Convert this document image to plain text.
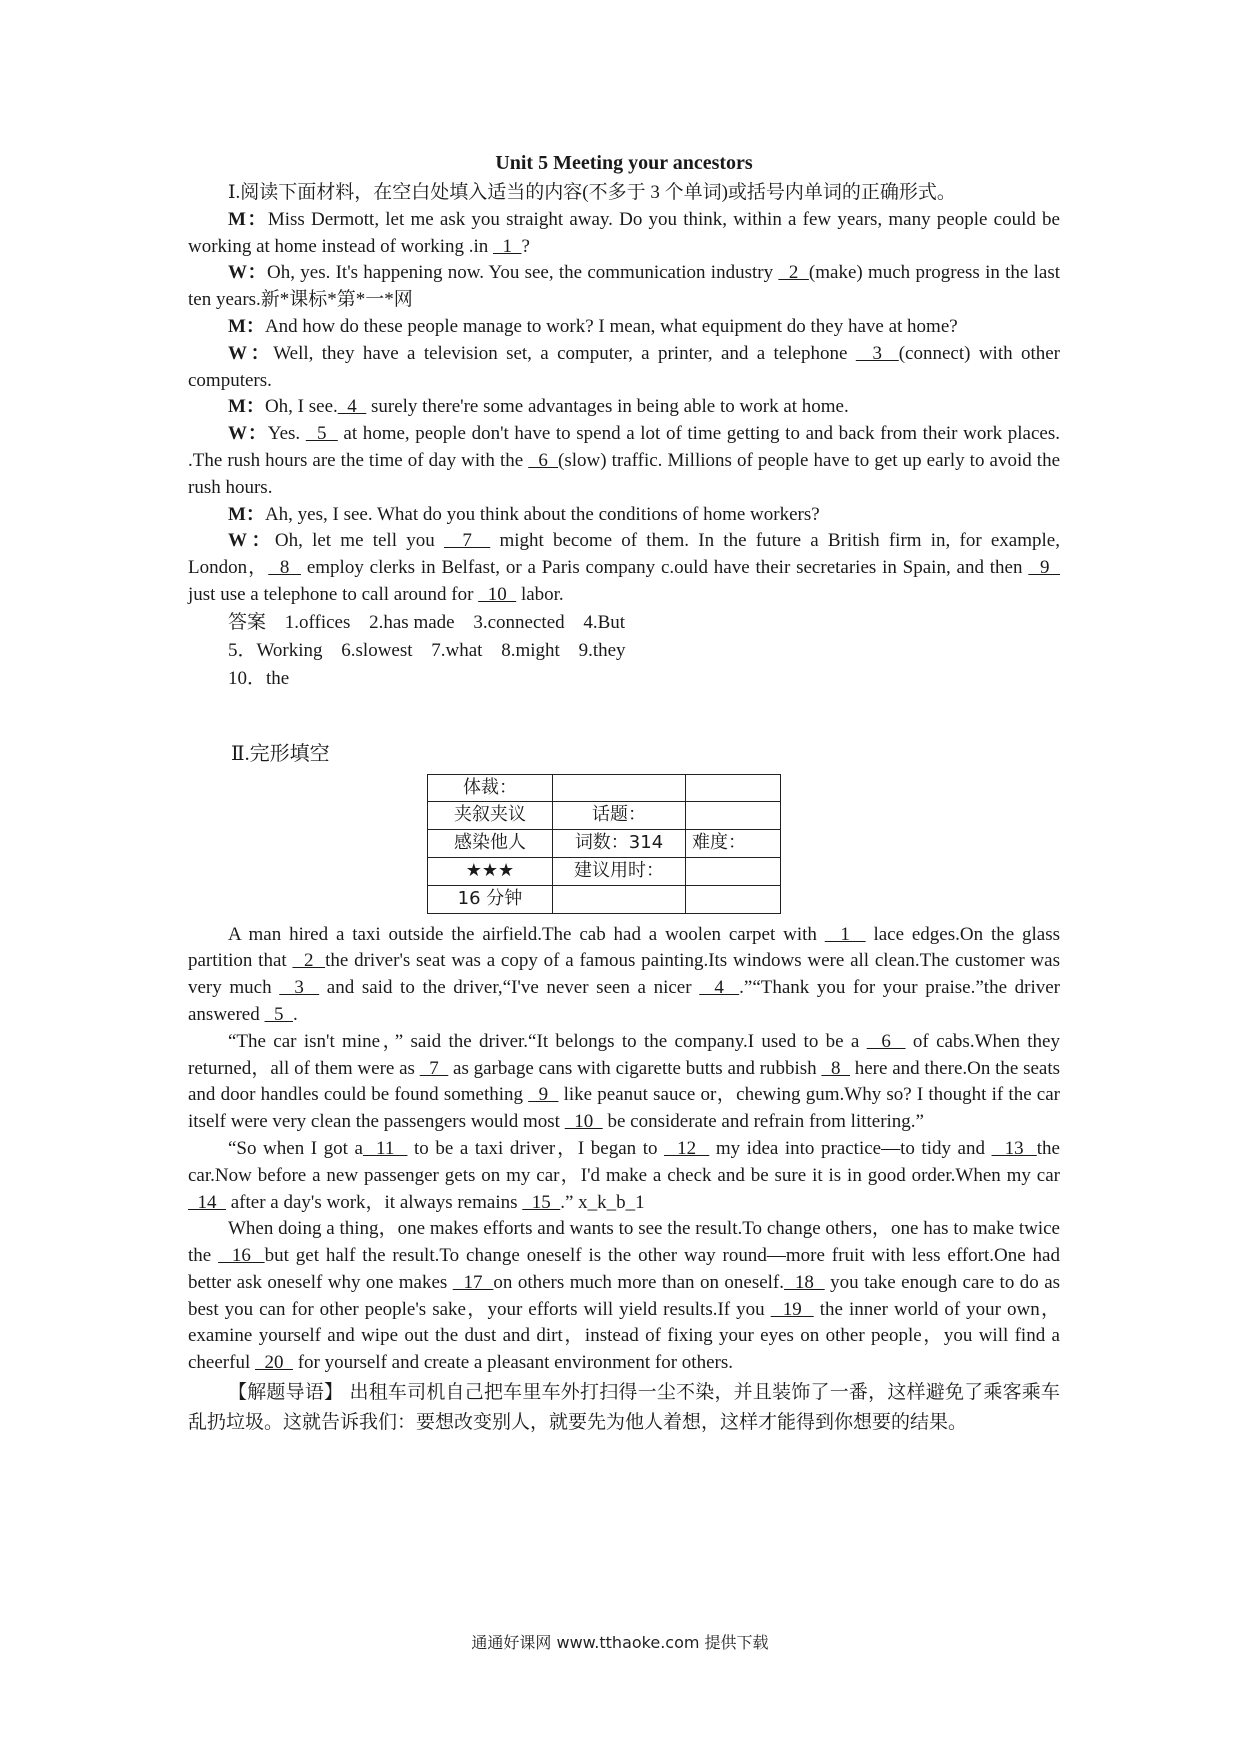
Unit 5 Meeting your ancestors

Ⅰ.阅读下面材料，在空白处填入适当的内容(不多于 3 个单词)或括号内单词的正确形式。

M：Miss Dermott, let me ask you straight away. Do you think, within a few years, many people could be working at home instead of working .in   1  ?

W：Oh, yes. It's happening now. You see, the communication industry   2  (make) much progress in the last ten years.新*课标*第*一*网

M：And how do these people manage to work? I mean, what equipment do they have at home?

W：Well, they have a television set, a computer, a printer, and a telephone   3  (connect) with other computers.

M：Oh, I see.  4   surely there're some advantages in being able to work at home.

W：Yes.   5   at home, people don't have to spend a lot of time getting to and back from their work places. .The rush hours are the time of day with the   6  (slow) traffic. Millions of people have to get up early to avoid the rush hours.

M：Ah, yes, I see. What do you think about the conditions of home workers?

W：Oh, let me tell you   7   might become of them. In the future a British firm in, for example, London，  8   employ clerks in Belfast, or a Paris company c.ould have their secretaries in Spain, and then   9   just use a telephone to call around for   10   labor.

答案 1.offices 2.has made 3.connected 4.But
5．Working 6.slowest 7.what 8.might 9.they
10．the
Ⅱ.完形填空
体裁：		
夹叙夹议	话题：	
感染他人	词数：314	难度：
★★★	建议用时：	
16 分钟		

A man hired a taxi outside the airfield.The cab had a woolen carpet with   1   lace edges.On the glass partition that   2  the driver's seat was a copy of a famous painting.Its windows were all clean.The customer was very much   3   and said to the driver,“I've never seen a nicer   4  .”“Thank you for your praise.”the driver answered   5  .

“The car isn't mine，” said the driver.“It belongs to the company.I used to be a   6   of cabs.When they returned，all of them were as   7   as garbage cans with cigarette butts and rubbish   8   here and there.On the seats and door handles could be found something   9   like peanut sauce or，chewing gum.Why so? I thought if the car itself were very clean the passengers would most   10   be considerate and refrain from littering.”

“So when I got a  11   to be a taxi driver，I began to   12   my idea into practice—to tidy and   13  the car.Now before a new passenger gets on my car，I'd make a check and be sure it is in good order.When my car   14   after a day's work，it always remains   15  .” x_k_b_1

When doing a thing，one makes efforts and wants to see the result.To change others，one has to make twice the   16  but get half the result.To change oneself is the other way round—more fruit with less effort.One had better ask oneself why one makes   17  on others much more than on oneself.  18   you take enough care to do as best you can for other people's sake，your efforts will yield results.If you   19   the inner world of your own，examine yourself and wipe out the dust and dirt，instead of fixing your eyes on other people，you will find a cheerful   20   for yourself and create a pleasant environment for others.

【解题导语】 出租车司机自己把车里车外打扫得一尘不染，并且装饰了一番，这样避免了乘客乘车乱扔垃圾。这就告诉我们：要想改变别人，就要先为他人着想，这样才能得到你想要的结果。

通通好课网 www.tthaoke.com 提供下载
